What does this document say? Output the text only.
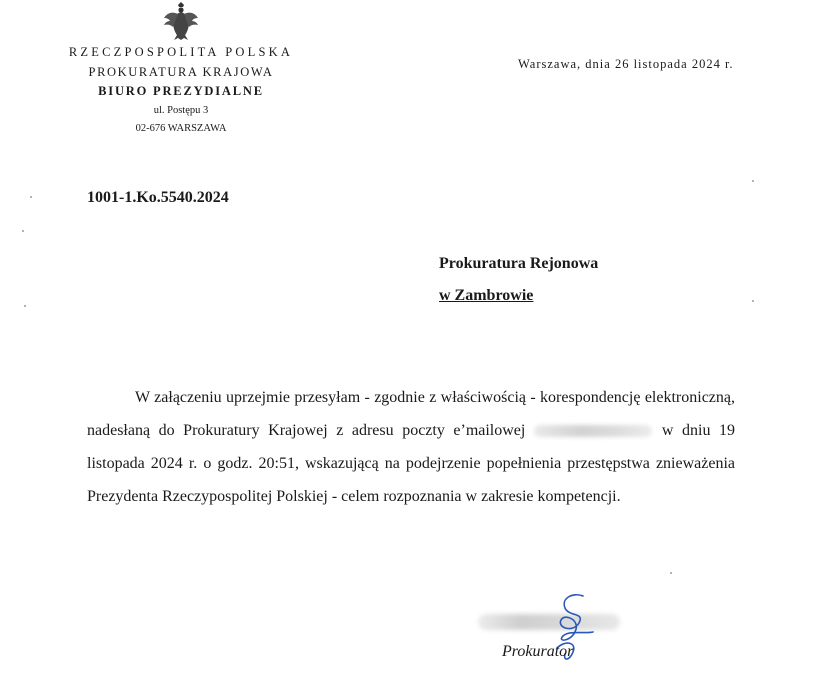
RZECZPOSPOLITA POLSKA
PROKURATURA KRAJOWA
BIURO PREZYDIALNE
ul. Postępu 3
02-676 WARSZAWA
Warszawa, dnia 26 listopada 2024 r.
1001-1.Ko.5540.2024
Prokuratura Rejonowa
w Zambrowie

W załączeniu uprzejmie przesyłam - zgodnie z właściwością - korespondencję elektroniczną, nadesłaną do Prokuratury Krajowej z adresu poczty e’mailowej	w dniu 19 listopada 2024 r. o godz. 20:51, wskazującą na podejrzenie popełnienia przestępstwa znieważenia Prezydenta Rzeczypospolitej Polskiej - celem rozpoznania w zakresie kompetencji.

Prokurator
